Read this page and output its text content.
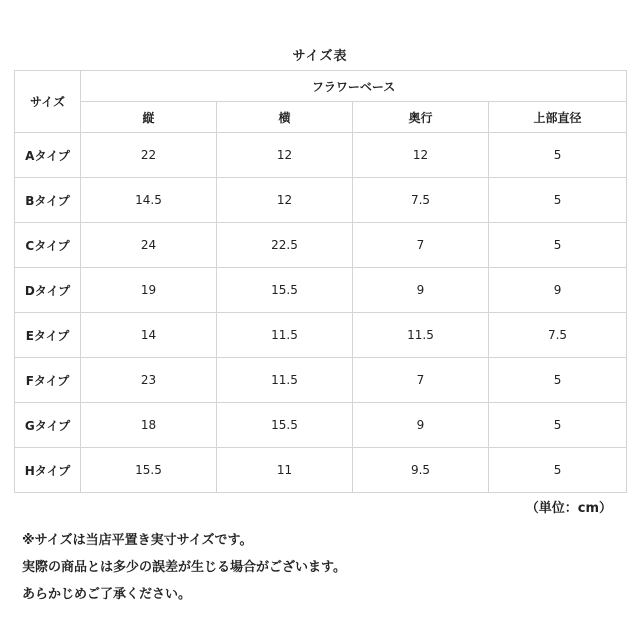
サイズ表
サイズ	フラワーベース			
	縦	横	奥行	上部直径
Aタイプ	22	12	12	5
Bタイプ	14.5	12	7.5	5
Cタイプ	24	22.5	7	5
Dタイプ	19	15.5	9	9
Eタイプ	14	11.5	11.5	7.5
Fタイプ	23	11.5	7	5
Gタイプ	18	15.5	9	5
Hタイプ	15.5	11	9.5	5
（単位：cm）
※サイズは当店平置き実寸サイズです。
実際の商品とは多少の誤差が生じる場合がございます。
あらかじめご了承ください。
